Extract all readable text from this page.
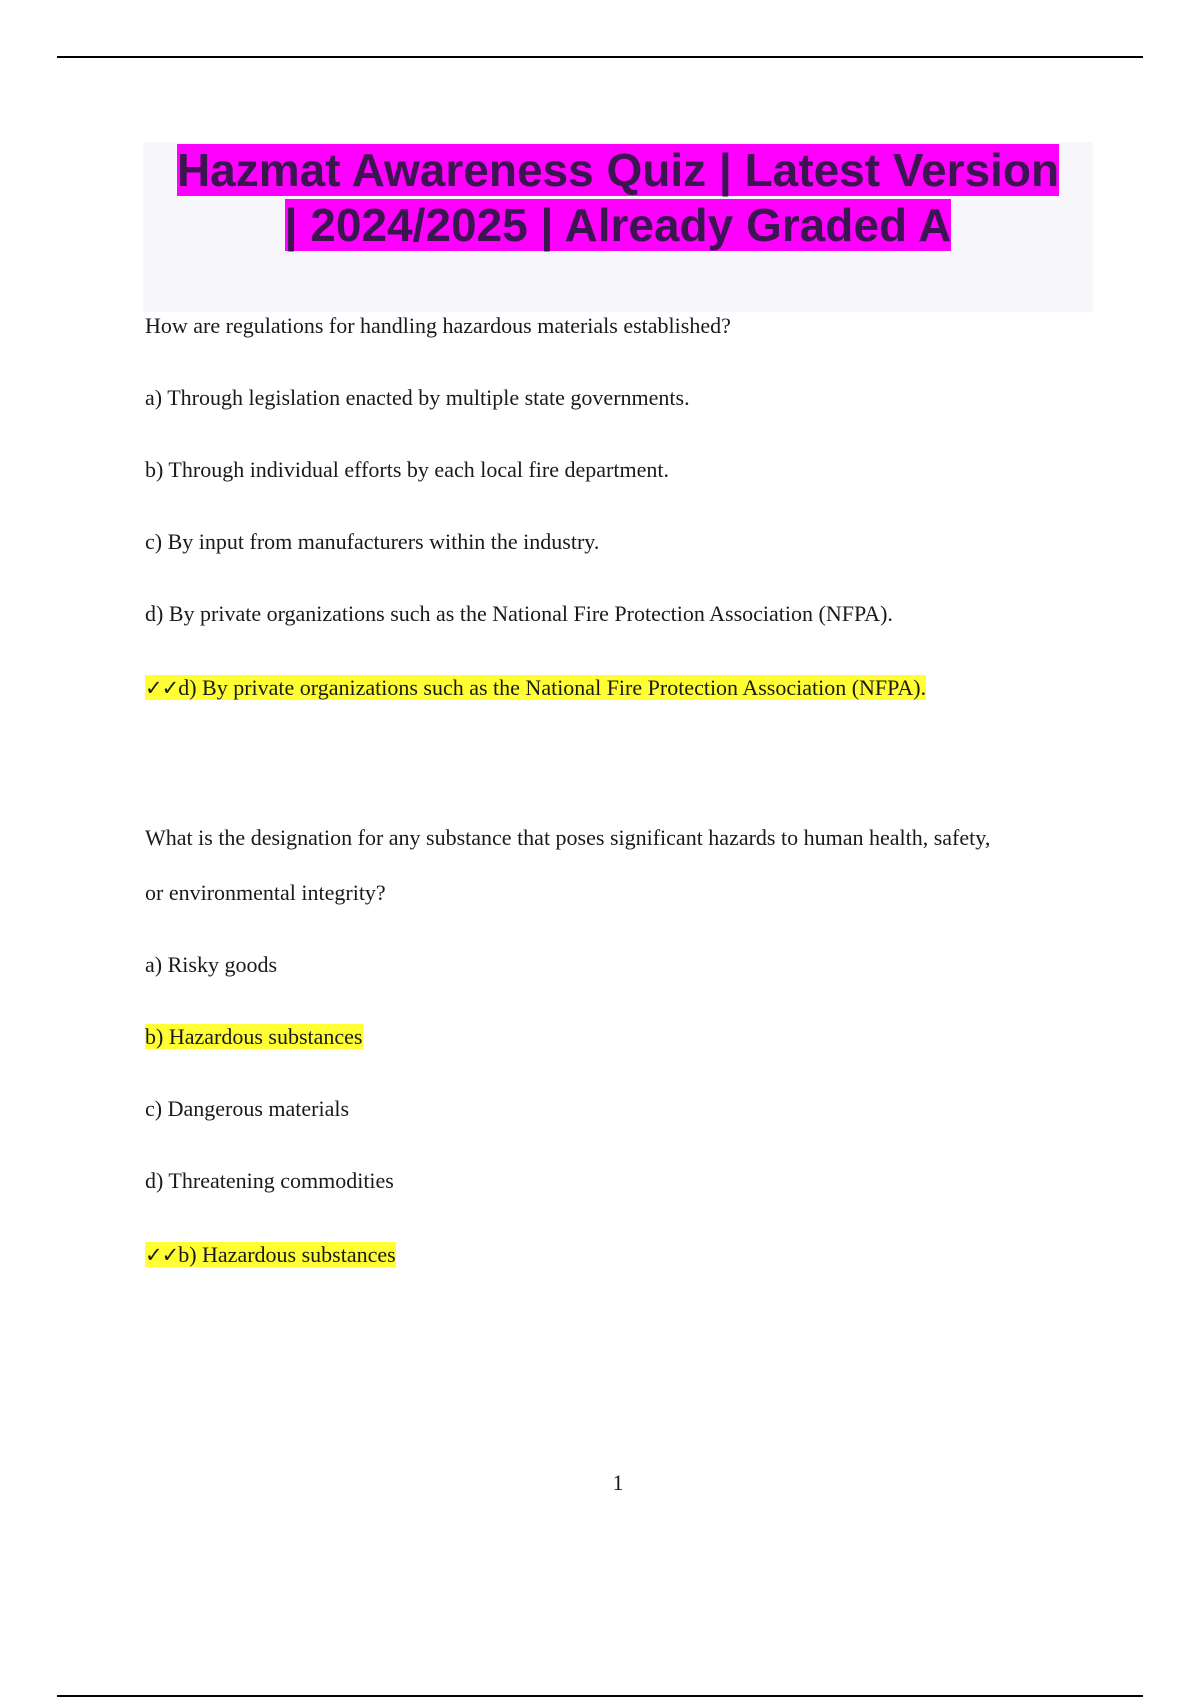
Hazmat Awareness Quiz | Latest Version
| 2024/2025 | Already Graded A
How are regulations for handling hazardous materials established?
a) Through legislation enacted by multiple state governments.
b) Through individual efforts by each local fire department.
c) By input from manufacturers within the industry.
d) By private organizations such as the National Fire Protection Association (NFPA).
✓✓d) By private organizations such as the National Fire Protection Association (NFPA).
What is the designation for any substance that poses significant hazards to human health, safety,
or environmental integrity?
a) Risky goods
b) Hazardous substances
c) Dangerous materials
d) Threatening commodities
✓✓b) Hazardous substances
1
